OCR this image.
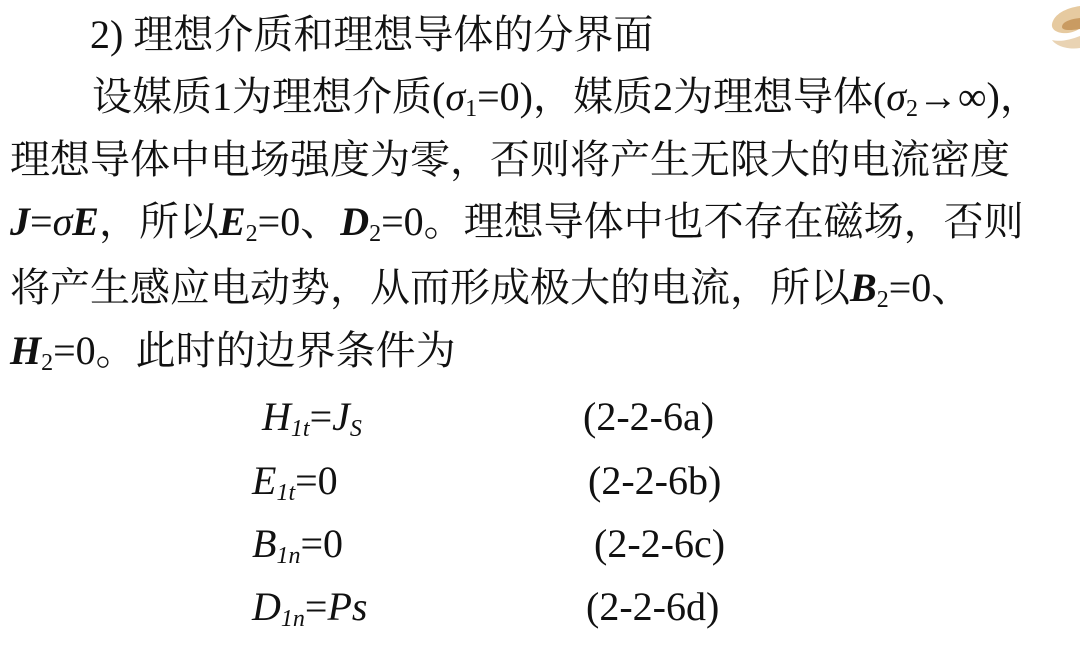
2) 理想介质和理想导体的分界面
设媒质1为理想介质$(\sigma_1=0)$，媒质2为理想导体$(\sigma_2\to\infty)$，
理想导体中电场强度为零，否则将产生无限大的电流密度
J=σE，所以$E_2=0$、$D_2=0$。理想导体中也不存在磁场，否则
将产生感应电动势，从而形成极大的电流，所以$B_2=0$、
$H_2=0$。此时的边界条件为
$H_{1t}=J_S$	(2-2-6a)
$E_{1t}=0$	(2-2-6b)
$B_{1n}=0$	(2-2-6c)
$D_{1n}=Ps$	(2-2-6d)
